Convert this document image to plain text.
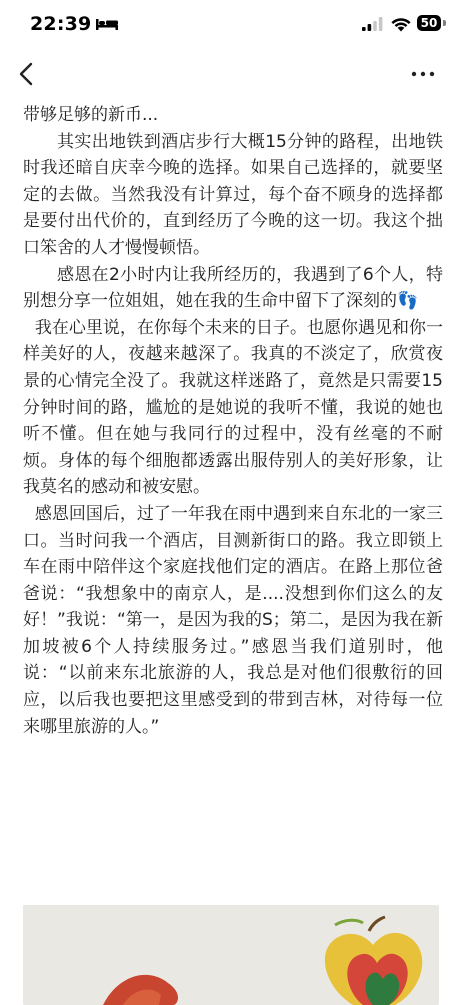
22:39	50

带够足够的新币...

其实出地铁到酒店步行大概15分钟的路程，出地铁时我还暗自庆幸今晚的选择。如果自己选择的，就要坚定的去做。当然我没有计算过，每个奋不顾身的选择都是要付出代价的，直到经历了今晚的这一切。我这个拙口笨舍的人才慢慢顿悟。

感恩在2小时内让我所经历的，我遇到了6个人，特别想分享一位姐姐，她在我的生命中留下了深刻的👣

我在心里说，在你每个未来的日子。也愿你遇见和你一样美好的人，夜越来越深了。我真的不淡定了，欣赏夜景的心情完全没了。我就这样迷路了，竟然是只需要15分钟时间的路，尴尬的是她说的我听不懂，我说的她也听不懂。但在她与我同行的过程中，没有丝毫的不耐烦。身体的每个细胞都透露出服侍别人的美好形象，让我莫名的感动和被安慰。

感恩回国后，过了一年我在雨中遇到来自东北的一家三口。当时问我一个酒店，目测新街口的路。我立即锁上车在雨中陪伴这个家庭找他们定的酒店。在路上那位爸爸说：“我想象中的南京人，是....没想到你们这么的友好！”我说：“第一，是因为我的S；第二，是因为我在新加坡被6个人持续服务过。”感恩当我们道别时，他说：“以前来东北旅游的人，我总是对他们很敷衍的回应，以后我也要把这里感受到的带到吉林，对待每一位来哪里旅游的人。”
